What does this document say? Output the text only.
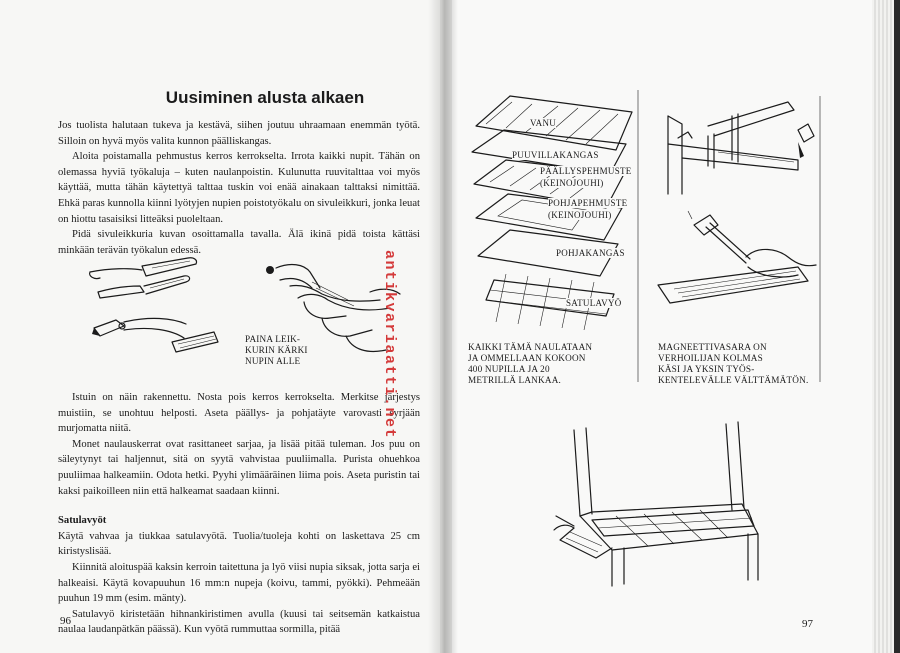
Uusiminen alusta alkaen

Jos tuolista halutaan tukeva ja kestävä, siihen joutuu uhraamaan enemmän työtä. Silloin on hyvä myös valita kunnon päälliskangas.

Aloita poistamalla pehmustus kerros kerrokselta. Irrota kaikki nupit. Tähän on olemassa hyviä työkaluja – kuten naulanpoistin. Kulunutta ruuvitalttaa voi myös käyttää, mutta tähän käytettyä talttaa tuskin voi enää ainakaan talttaksi nimittää. Ehkä paras kunnolla kiinni lyötyjen nupien poistotyökalu on sivuleikkuri, jonka leuat on hiottu tasaisiksi litteäksi puoleltaan.

Pidä sivuleikkuria kuvan osoittamalla tavalla. Älä ikinä pidä toista kättäsi minkään terävän työkalun edessä.

PAINA LEIK-
KURIN KÄRKI
NUPIN ALLE

Istuin on näin rakennettu. Nosta pois kerros kerrokselta. Merkitse järjestys muistiin, se unohtuu helposti. Aseta päällys- ja pohjatäyte varovasti syrjään murjomatta niitä.

Monet naulauskerrat ovat rasittaneet sarjaa, ja lisää pitää tuleman. Jos puu on säleytynyt tai haljennut, sitä on syytä vahvistaa puuliimalla. Purista ohuehkoa puuliimaa halkeamiin. Odota hetki. Pyyhi ylimääräinen liima pois. Aseta puristin tai kaksi paikoilleen niin että halkeamat saadaan kiinni.

Satulavyöt

Käytä vahvaa ja tiukkaa satulavyötä. Tuolia/tuoleja kohti on laskettava 25 cm kiristyslisää.

Kiinnitä aloituspää kaksin kerroin taitettuna ja lyö viisi nupia siksak, jotta sarja ei halkeaisi. Käytä kovapuuhun 16 mm:n nupeja (koivu, tammi, pyökki). Pehmeään puuhun 19 mm (esim. mänty).

Satulavyö kiristetään hihnankiristimen avulla (kuusi tai seitsemän katkaistua naulaa laudanpätkän päässä). Kun vyötä rummuttaa sormilla, pitää

96
antikvariaatti.net
VANU
PUUVILLAKANGAS
PÄÄLLYSPEHMUSTE
(KEINOJOUHI)
POHJAPEHMUSTE
(KEINOJOUHI)
POHJAKANGAS
SATULAVYÖ
KAIKKI TÄMÄ NAULATAAN
JA OMMELLAAN KOKOON
400 NUPILLA JA 20
METRILLÄ LANKAA.
MAGNEETTIVASARA ON
VERHOILIJAN KOLMAS
KÄSI JA YKSIN TYÖS-
KENTELEVÄLLE VÄLTTÄMÄTÖN.
97
